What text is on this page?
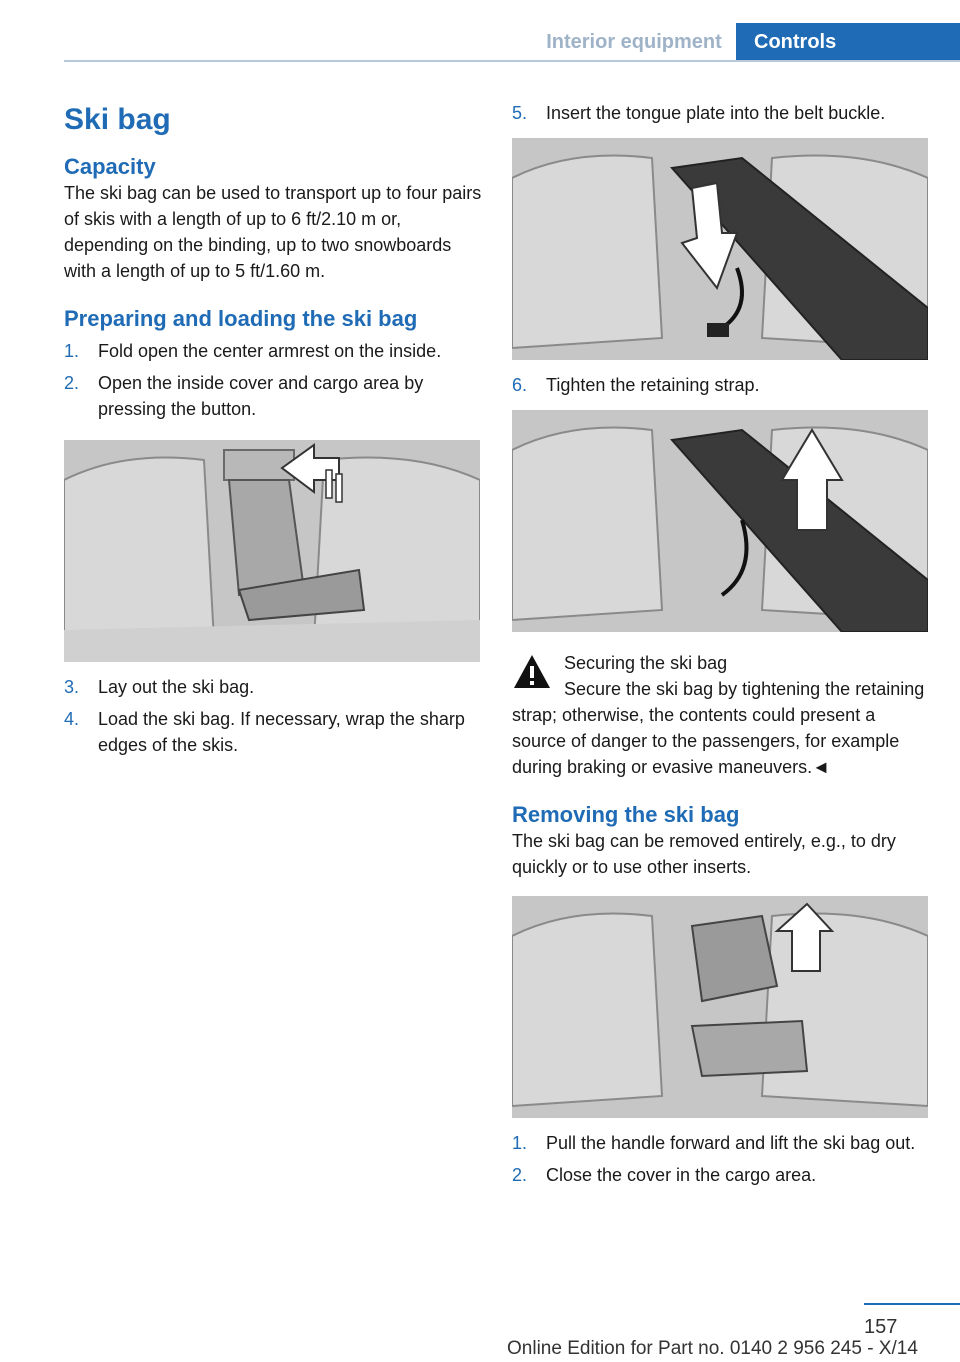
Interior equipment	Controls
Ski bag
Capacity

The ski bag can be used to transport up to four pairs of skis with a length of up to 6 ft/2.10 m or, depending on the binding, up to two snowboards with a length of up to 5 ft/1.60 m.

Preparing and loading the ski bag
1. Fold open the center armrest on the inside.
2. Open the inside cover and cargo area by pressing the button.
3. Lay out the ski bag.
4. Load the ski bag. If necessary, wrap the sharp edges of the skis.
5. Insert the tongue plate into the belt buckle.
6. Tighten the retaining strap.

Securing the ski bag

Secure the ski bag by tightening the retaining strap; otherwise, the contents could present a source of danger to the passengers, for example during braking or evasive maneuvers.◄

Removing the ski bag

The ski bag can be removed entirely, e.g., to dry quickly or to use other inserts.

1. Pull the handle forward and lift the ski bag out.
2. Close the cover in the cargo area.
157
Online Edition for Part no. 0140 2 956 245 - X/14
